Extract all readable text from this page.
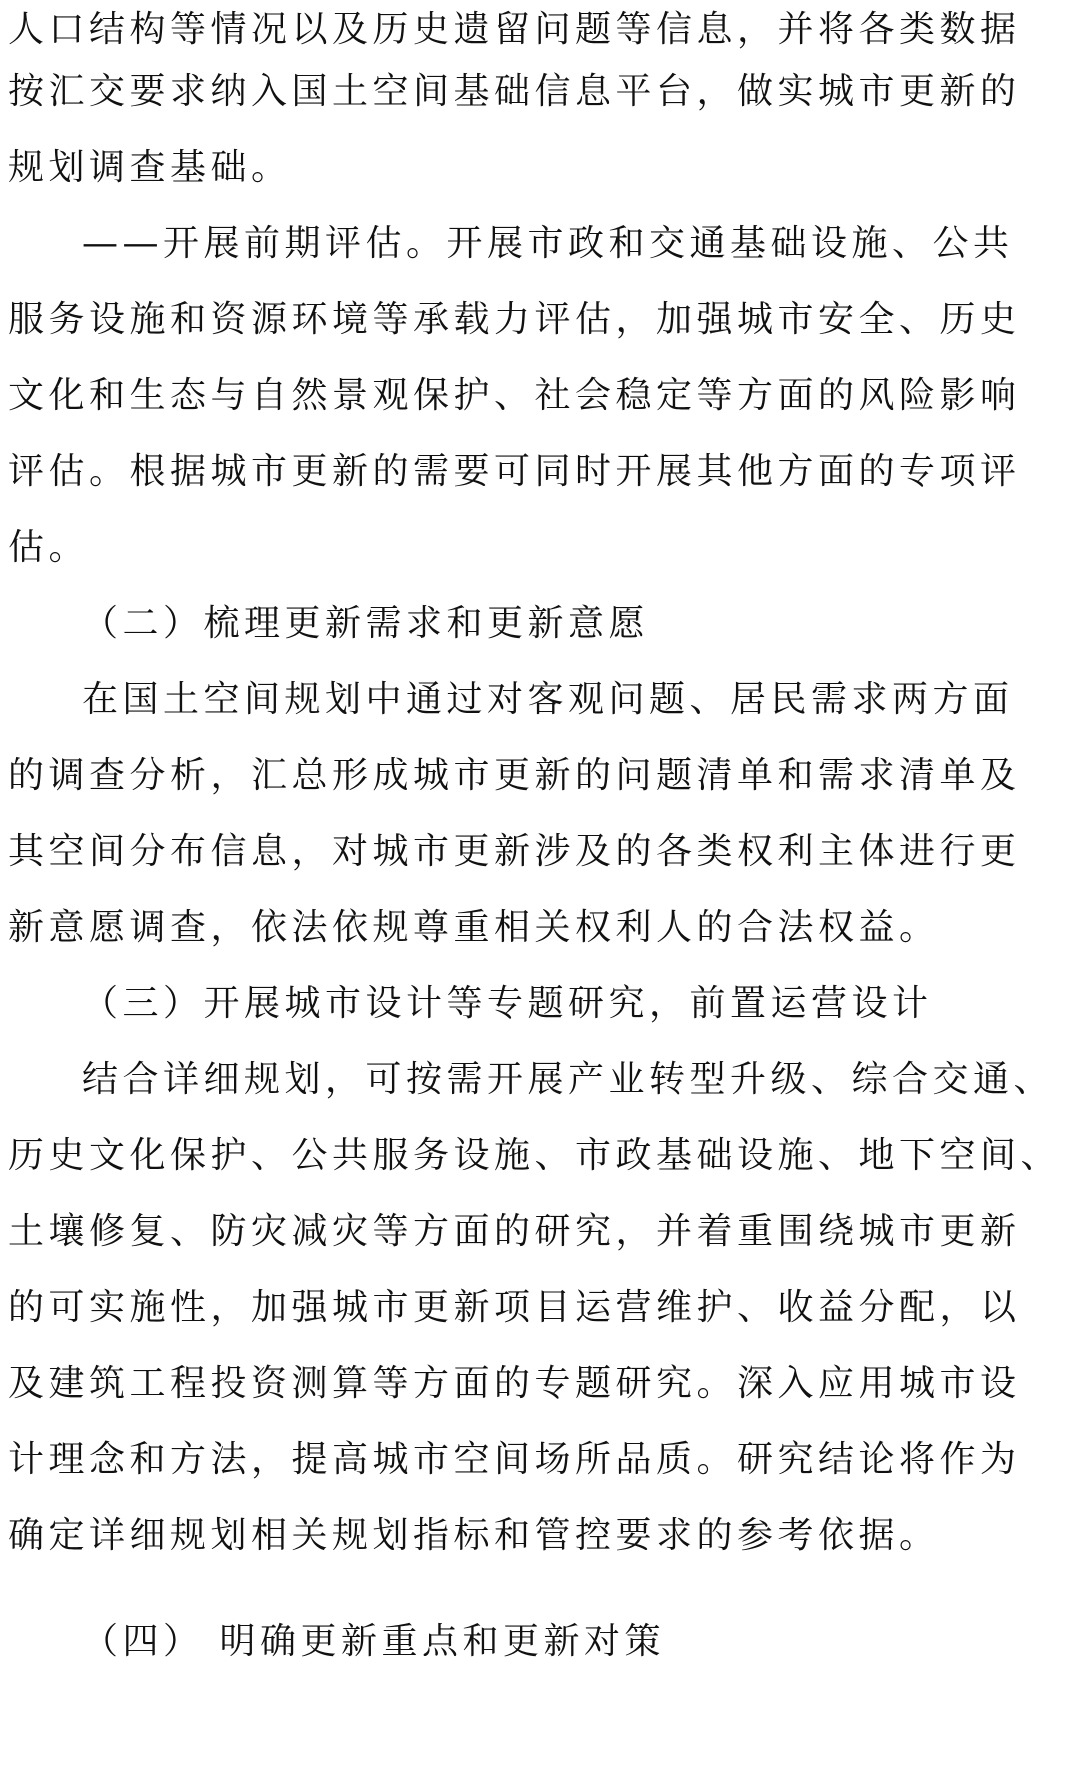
人口结构等情况以及历史遗留问题等信息，并将各类数据
按汇交要求纳入国土空间基础信息平台，做实城市更新的
规划调查基础。
——开展前期评估。开展市政和交通基础设施、公共
服务设施和资源环境等承载力评估，加强城市安全、历史
文化和生态与自然景观保护、社会稳定等方面的风险影响
评估。根据城市更新的需要可同时开展其他方面的专项评
估。
（二）梳理更新需求和更新意愿
在国土空间规划中通过对客观问题、居民需求两方面
的调查分析，汇总形成城市更新的问题清单和需求清单及
其空间分布信息，对城市更新涉及的各类权利主体进行更
新意愿调查，依法依规尊重相关权利人的合法权益。
（三）开展城市设计等专题研究，前置运营设计
结合详细规划，可按需开展产业转型升级、综合交通、
历史文化保护、公共服务设施、市政基础设施、地下空间、
土壤修复、防灾减灾等方面的研究，并着重围绕城市更新
的可实施性，加强城市更新项目运营维护、收益分配，以
及建筑工程投资测算等方面的专题研究。深入应用城市设
计理念和方法，提高城市空间场所品质。研究结论将作为
确定详细规划相关规划指标和管控要求的参考依据。
（四） 明确更新重点和更新对策
